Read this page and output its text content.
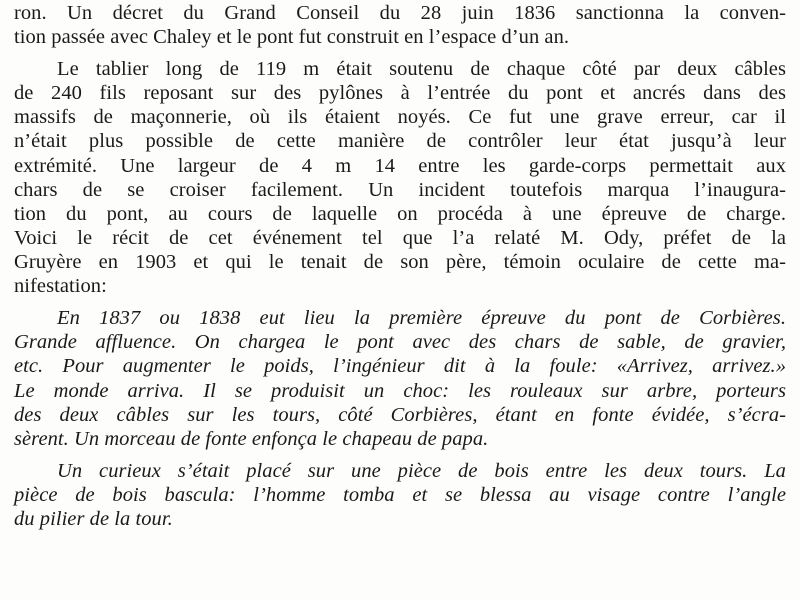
ron. Un décret du Grand Conseil du 28 juin 1836 sanctionna la conven-
tion passée avec Chaley et le pont fut construit en l’espace d’un an.
Le tablier long de 119 m était soutenu de chaque côté par deux câbles
de 240 fils reposant sur des pylônes à l’entrée du pont et ancrés dans des
massifs de maçonnerie, où ils étaient noyés. Ce fut une grave erreur, car il
n’était plus possible de cette manière de contrôler leur état jusqu’à leur
extrémité. Une largeur de 4 m 14 entre les garde-corps permettait aux
chars de se croiser facilement. Un incident toutefois marqua l’inaugura-
tion du pont, au cours de laquelle on procéda à une épreuve de charge.
Voici le récit de cet événement tel que l’a relaté M. Ody, préfet de la
Gruyère en 1903 et qui le tenait de son père, témoin oculaire de cette ma-
nifestation:
En 1837 ou 1838 eut lieu la première épreuve du pont de Corbières.
Grande affluence. On chargea le pont avec des chars de sable, de gravier,
etc. Pour augmenter le poids, l’ingénieur dit à la foule: «Arrivez, arrivez.»
Le monde arriva. Il se produisit un choc: les rouleaux sur arbre, porteurs
des deux câbles sur les tours, côté Corbières, étant en fonte évidée, s’écra-
sèrent. Un morceau de fonte enfonça le chapeau de papa.
Un curieux s’était placé sur une pièce de bois entre les deux tours. La
pièce de bois bascula: l’homme tomba et se blessa au visage contre l’angle
du pilier de la tour.
